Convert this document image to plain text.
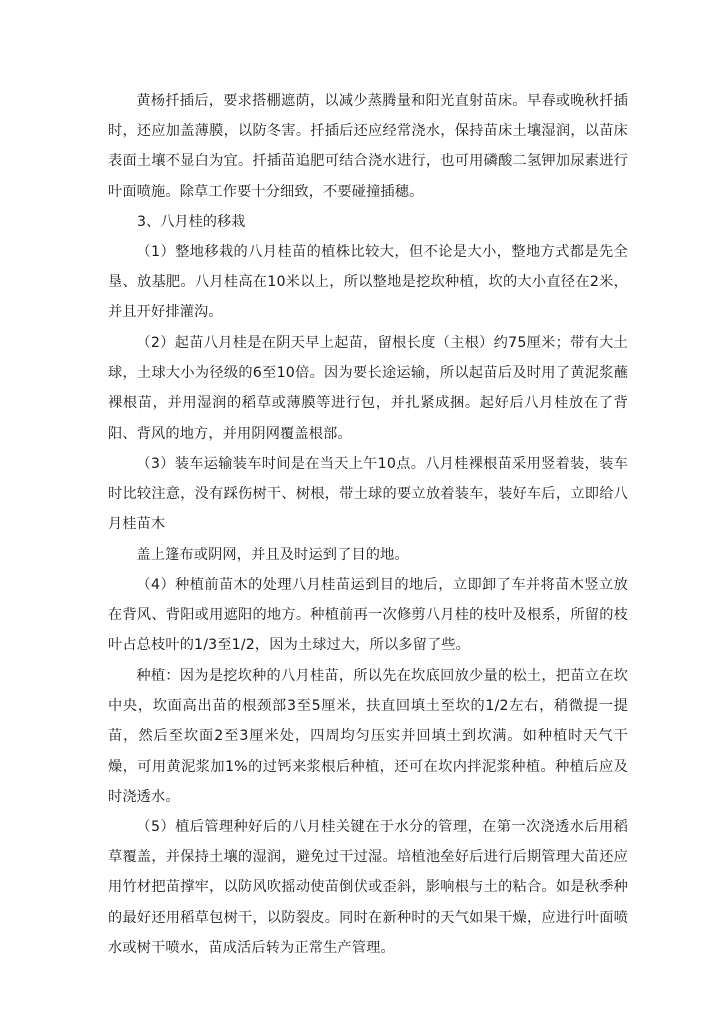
黄杨扦插后，要求搭棚遮荫，以减少蒸腾量和阳光直射苗床。早春或晚秋扦插时，还应加盖薄膜，以防冬害。扦插后还应经常浇水，保持苗床土壤湿润，以苗床表面土壤不显白为宜。扦插苗追肥可结合浇水进行，也可用磷酸二氢钾加尿素进行叶面喷施。除草工作要十分细致，不要碰撞插穗。

3、八月桂的移栽

（1）整地移栽的八月桂苗的植株比较大，但不论是大小，整地方式都是先全垦、放基肥。八月桂高在10米以上，所以整地是挖坎种植，坎的大小直径在2米，并且开好排灌沟。

（2）起苗八月桂是在阴天早上起苗，留根长度（主根）约75厘米；带有大土球，土球大小为径级的6至10倍。因为要长途运输，所以起苗后及时用了黄泥浆蘸裸根苗，并用湿润的稻草或薄膜等进行包，并扎紧成捆。起好后八月桂放在了背阳、背风的地方，并用阴网覆盖根部。

（3）装车运输装车时间是在当天上午10点。八月桂裸根苗采用竖着装，装车时比较注意，没有踩伤树干、树根，带土球的要立放着装车，装好车后，立即给八月桂苗木

盖上篷布或阴网，并且及时运到了目的地。

（4）种植前苗木的处理八月桂苗运到目的地后，立即卸了车并将苗木竖立放在背风、背阳或用遮阳的地方。种植前再一次修剪八月桂的枝叶及根系，所留的枝叶占总枝叶的1/3至1/2，因为土球过大，所以多留了些。

种植：因为是挖坎种的八月桂苗，所以先在坎底回放少量的松土，把苗立在坎中央，坎面高出苗的根颈部3至5厘米，扶直回填土至坎的1/2左右，稍微提一提苗，然后至坎面2至3厘米处，四周均匀压实并回填土到坎满。如种植时天气干燥，可用黄泥浆加1%的过钙来浆根后种植，还可在坎内拌泥浆种植。种植后应及时浇透水。

（5）植后管理种好后的八月桂关键在于水分的管理，在第一次浇透水后用稻草覆盖，并保持土壤的湿润，避免过干过湿。培植池垒好后进行后期管理大苗还应用竹材把苗撑牢，以防风吹摇动使苗倒伏或歪斜，影响根与土的粘合。如是秋季种的最好还用稻草包树干，以防裂皮。同时在新种时的天气如果干燥，应进行叶面喷水或树干喷水，苗成活后转为正常生产管理。
